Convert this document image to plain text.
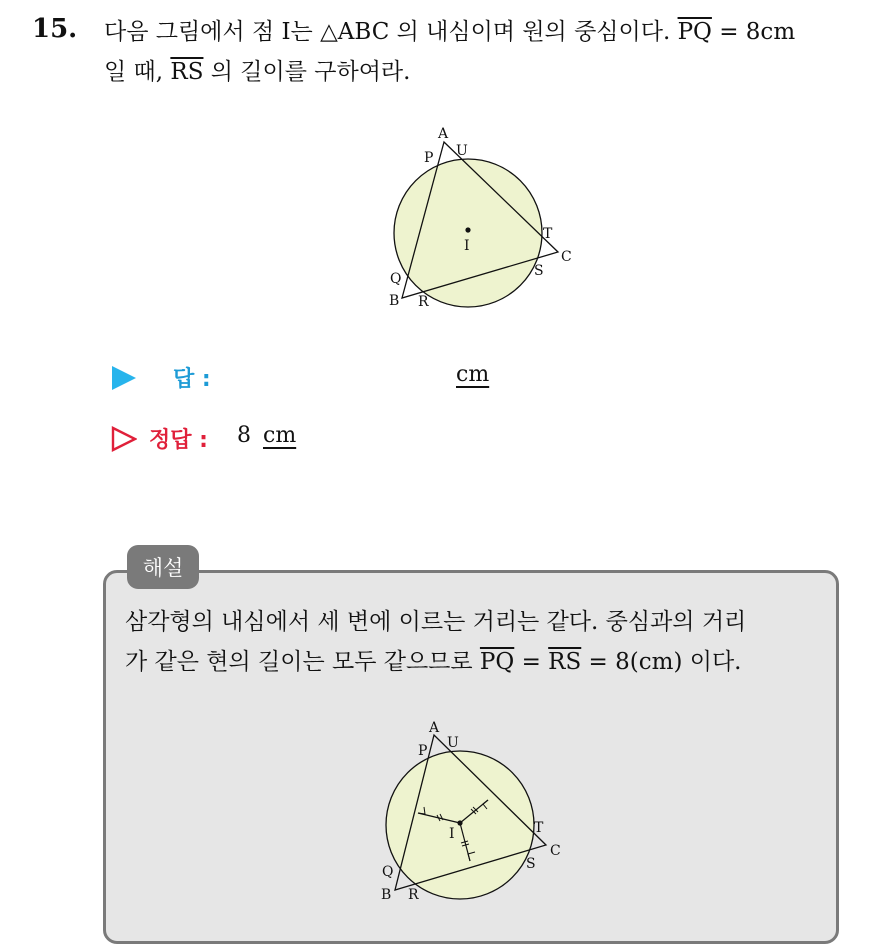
15. 다음 그림에서 점 I는 △ABC 의 내심이며 원의 중심이다. $\overline{PQ} = 8cm$
일 때, $\overline{RS}$ 의 길이를 구하여라.
A
P U
T
C
I
Q	S
B R
답 :	cm
정답 : 8 cm
해설
삼각형의 내심에서 세 변에 이르는 거리는 같다. 중심과의 거리
가 같은 현의 길이는 모두 같으므로 $\overline{PQ} = \overline{RS} = 8(cm)$ 이다.
A
P U
T
C
I
Q	S
B R
